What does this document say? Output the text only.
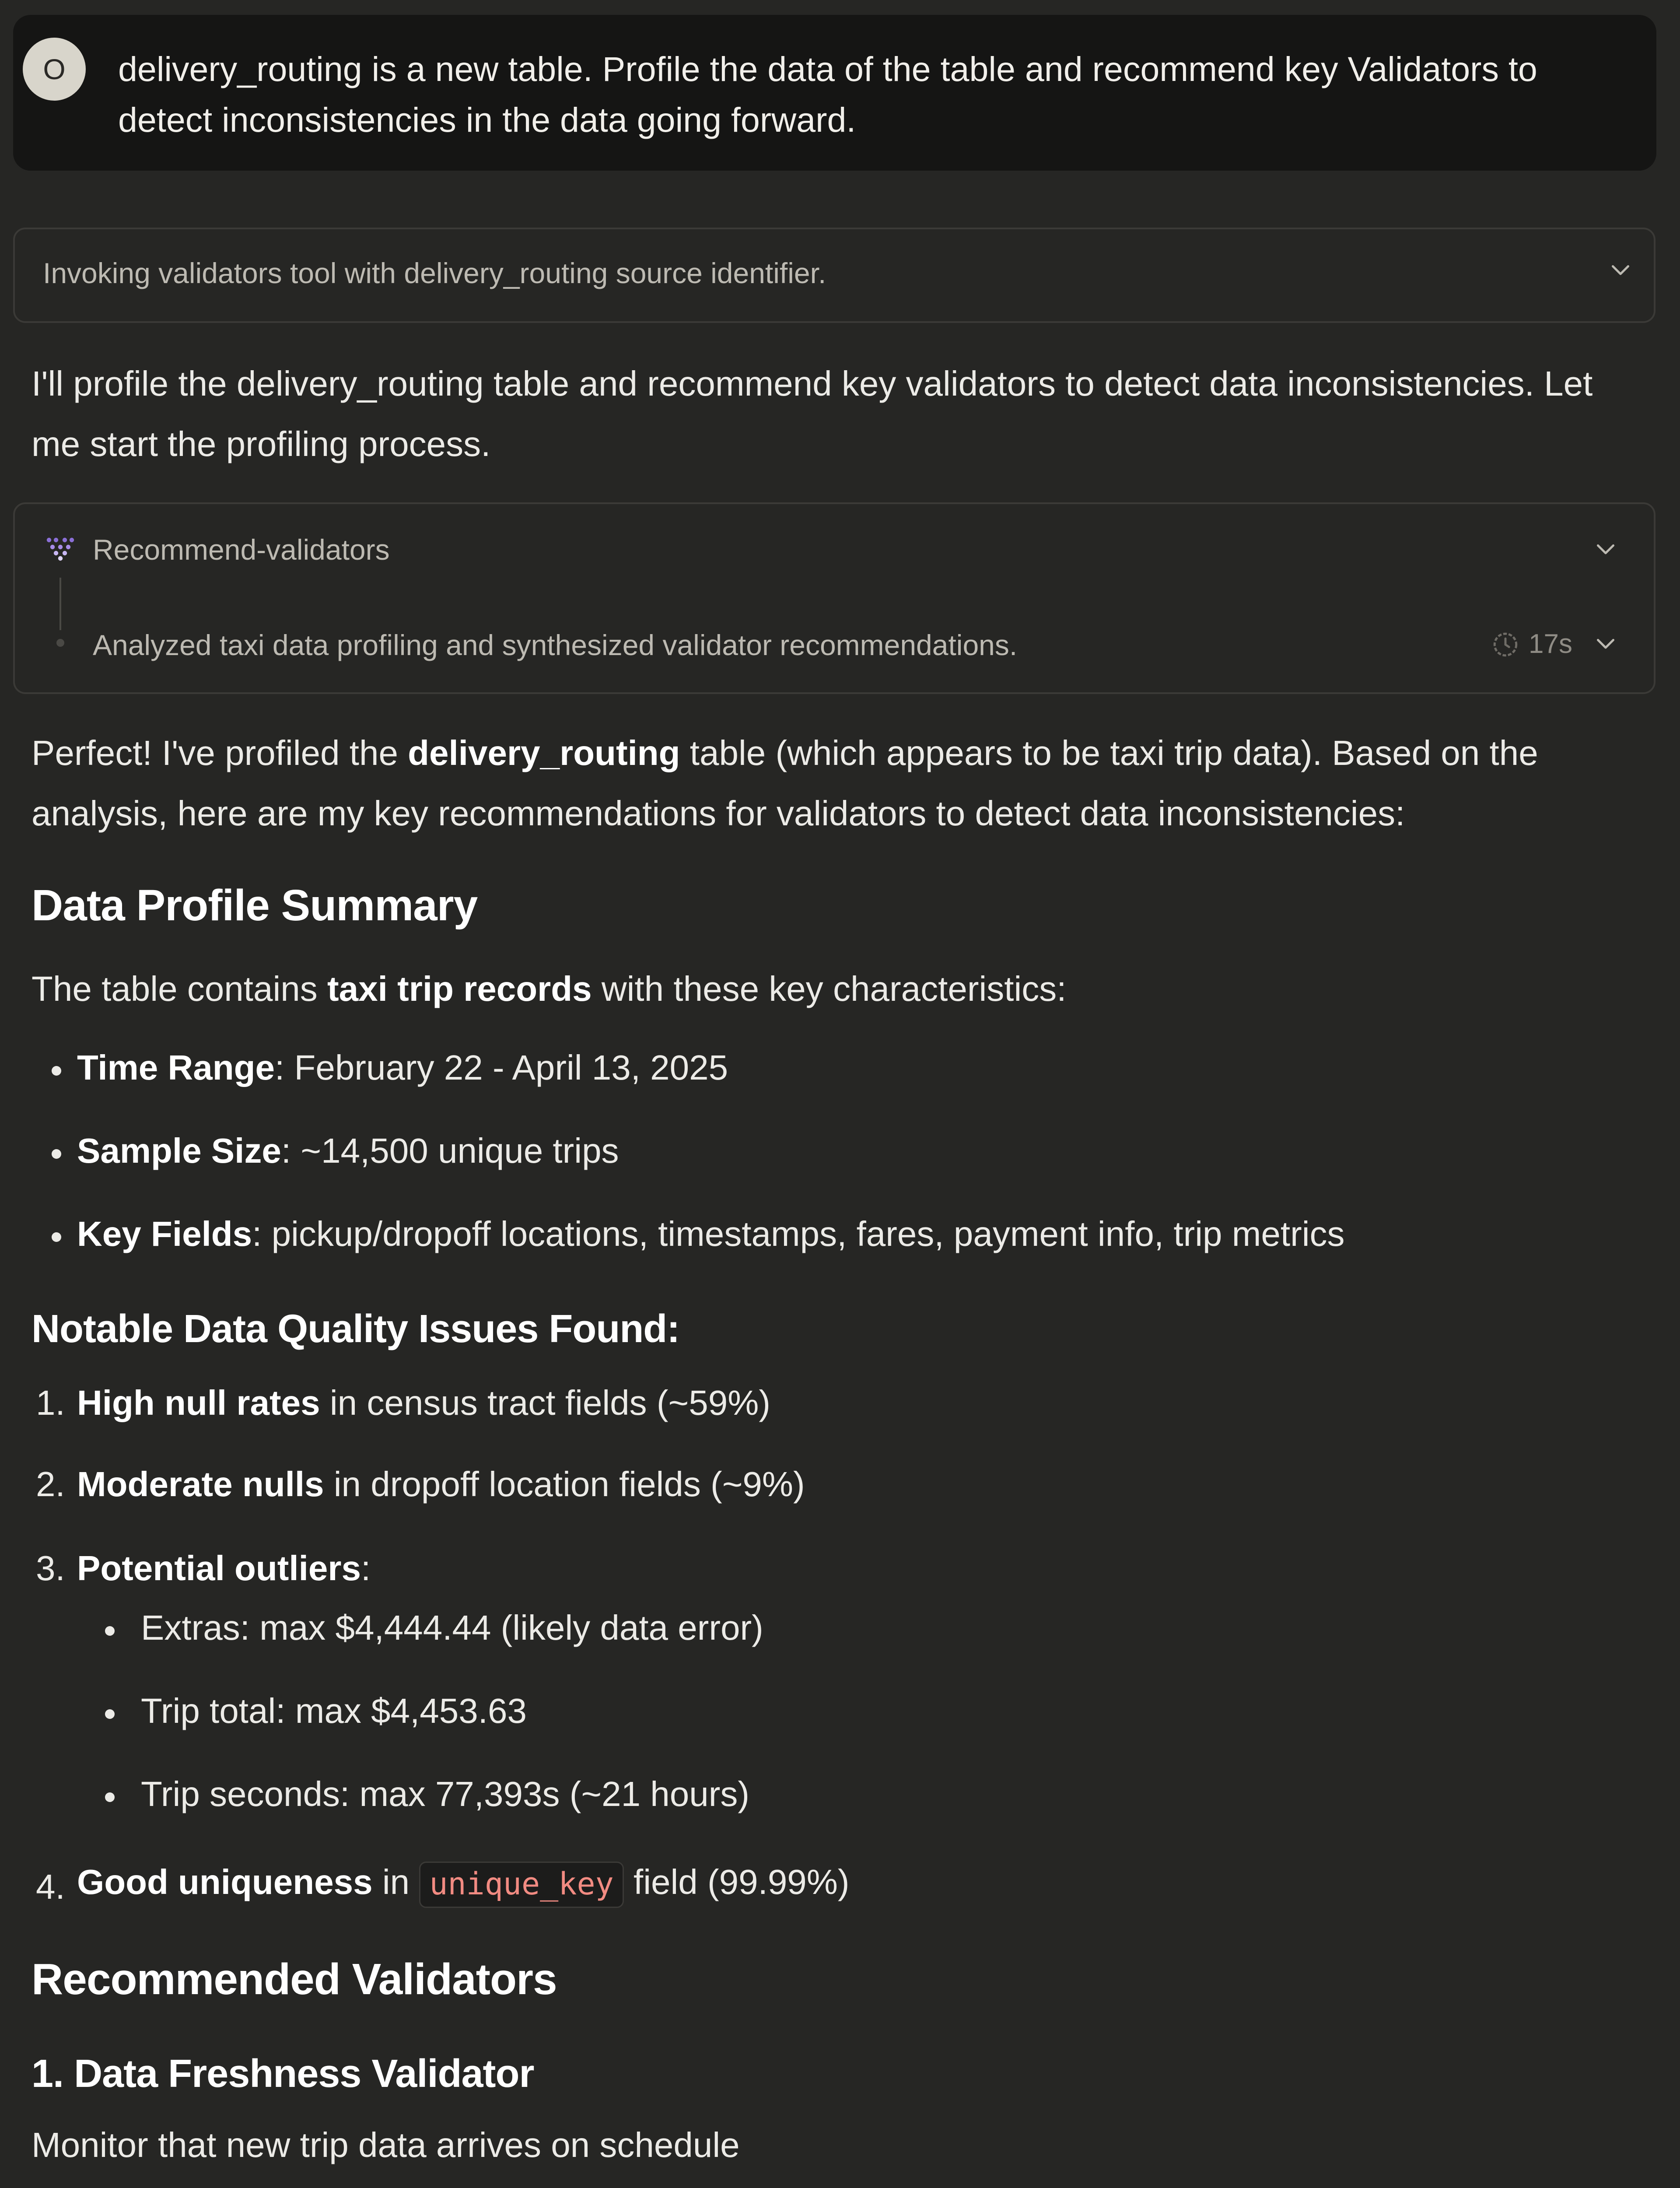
O delivery_routing is a new table. Profile the data of the table and recommend key Validators to detect inconsistencies in the data going forward.
Invoking validators tool with delivery_routing source identifier.
I'll profile the delivery_routing table and recommend key validators to detect data inconsistencies. Let me start the profiling process.
Recommend-validators
Analyzed taxi data profiling and synthesized validator recommendations.	17s
Perfect! I've profiled the delivery_routing table (which appears to be taxi trip data). Based on the analysis, here are my key recommendations for validators to detect data inconsistencies:
Data Profile Summary
The table contains taxi trip records with these key characteristics:
Time Range: February 22 - April 13, 2025
Sample Size: ~14,500 unique trips
Key Fields: pickup/dropoff locations, timestamps, fares, payment info, trip metrics
Notable Data Quality Issues Found:
1. High null rates in census tract fields (~59%)
2. Moderate nulls in dropoff location fields (~9%)
3. Potential outliers:
Extras: max $4,444.44 (likely data error)
Trip total: max $4,453.63
Trip seconds: max 77,393s (~21 hours)
4. Good uniqueness in unique_key field (99.99%)
Recommended Validators
1. Data Freshness Validator
Monitor that new trip data arrives on schedule
